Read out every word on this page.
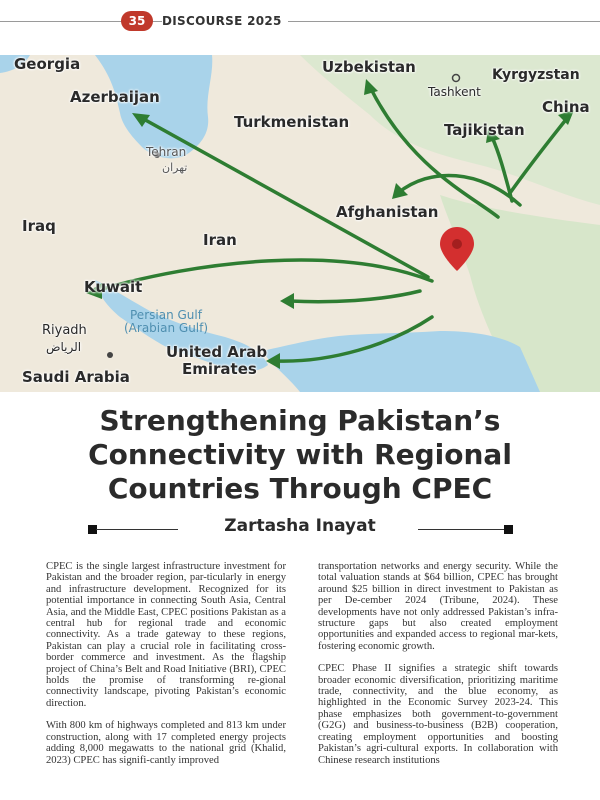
35	DISCOURSE 2025
Georgia
Azerbaijan
Uzbekistan
Tashkent
Kyrgyzstan
China
Turkmenistan	Tajikistan
Tehran
تهران
Iraq
Afghanistan
Iran
Kuwait
Persian Gulf
(Arabian Gulf)
Riyadh
الرياض
Saudi Arabia
United Arab
Emirates
Strengthening Pakistan’s
Connectivity with Regional
Countries Through CPEC
Zartasha Inayat

CPEC is the single largest infrastructure investment for Pakistan and the broader region, par-ticularly in energy and infrastructure development. Recognized for its potential importance in connecting South Asia, Central Asia, and the Middle East, CPEC positions Pakistan as a central hub for regional trade and economic connectivity. As a trade gateway to these regions, Pakistan can play a crucial role in facilitating cross-border commerce and investment. As the flagship project of China’s Belt and Road Initiative (BRI), CPEC holds the promise of transforming re-gional connectivity landscape, pivoting Pakistan’s economic direction.

With 800 km of highways completed and 813 km under construction, along with 17 completed energy projects adding 8,000 megawatts to the national grid (Khalid, 2023) CPEC has signifi-cantly improved

transportation networks and energy security. While the total valuation stands at $64 billion, CPEC has brought around $25 billion in direct investment to Pakistan as per De-cember 2024 (Tribune, 2024). These developments have not only addressed Pakistan’s infra-structure gaps but also created employment opportunities and expanded access to regional mar-kets, fostering economic growth.

CPEC Phase II signifies a strategic shift towards broader economic diversification, prioritizing maritime trade, connectivity, and the blue economy, as highlighted in the Economic Survey 2023-24. This phase emphasizes both government-to-government (G2G) and business-to-business (B2B) cooperation, creating employment opportunities and boosting Pakistan’s agri-cultural exports. In collaboration with Chinese research institutions
